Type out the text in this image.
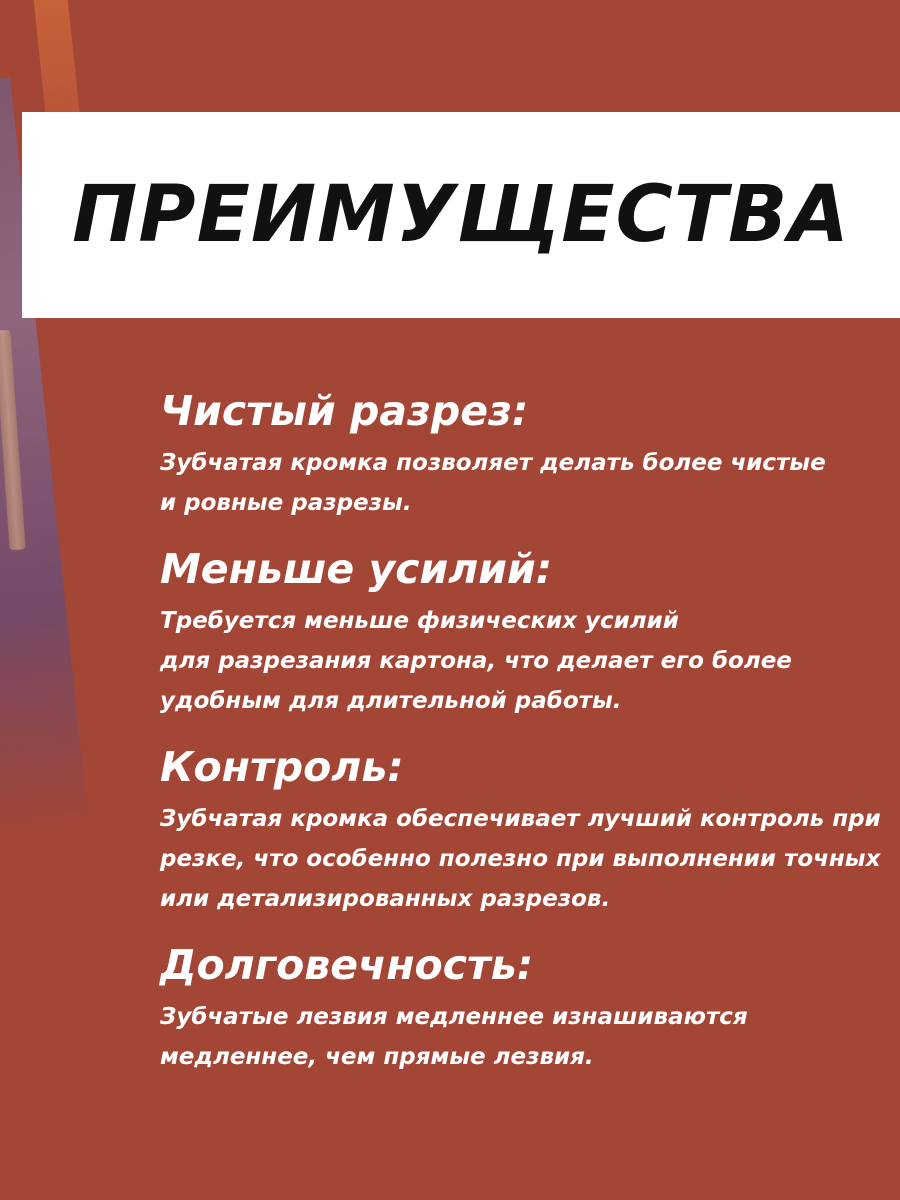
ПРЕИМУЩЕСТВА
Чистый разрез:

Зубчатая кромка позволяет делать более чистые
и ровные разрезы.

Меньше усилий:

Требуется меньше физических усилий
для разрезания картона, что делает его более
удобным для длительной работы.

Контроль:

Зубчатая кромка обеспечивает лучший контроль при
резке, что особенно полезно при выполнении точных
или детализированных разрезов.

Долговечность:

Зубчатые лезвия медленнее изнашиваются
медленнее, чем прямые лезвия.
